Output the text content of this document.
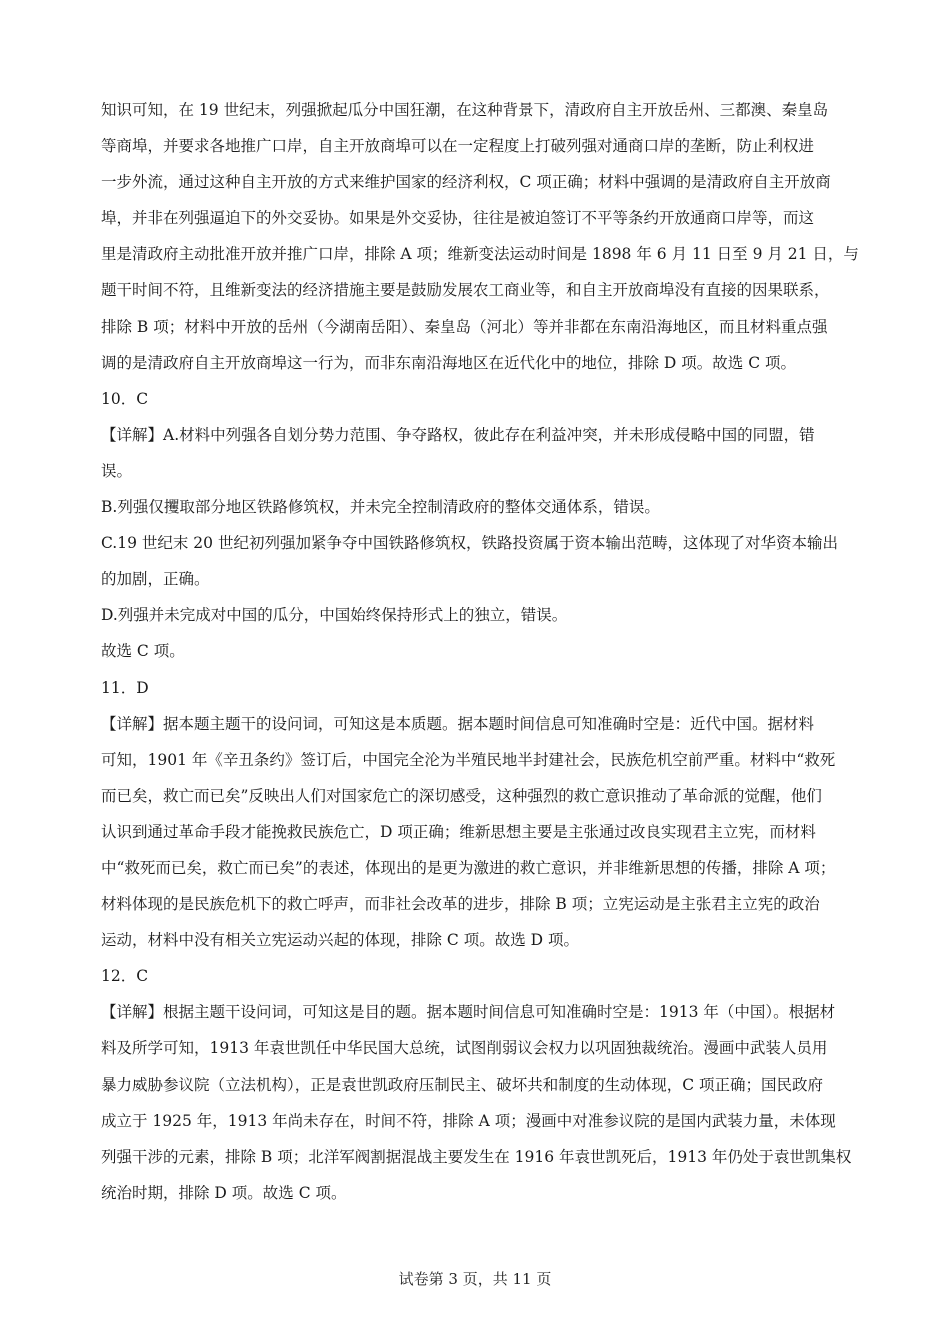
知识可知，在 19 世纪末，列强掀起瓜分中国狂潮，在这种背景下，清政府自主开放岳州、三都澳、秦皇岛
等商埠，并要求各地推广口岸，自主开放商埠可以在一定程度上打破列强对通商口岸的垄断，防止利权进
一步外流，通过这种自主开放的方式来维护国家的经济利权，C 项正确；材料中强调的是清政府自主开放商
埠，并非在列强逼迫下的外交妥协。如果是外交妥协，往往是被迫签订不平等条约开放通商口岸等，而这
里是清政府主动批准开放并推广口岸，排除 A 项；维新变法运动时间是 1898 年 6 月 11 日至 9 月 21 日，与
题干时间不符，且维新变法的经济措施主要是鼓励发展农工商业等，和自主开放商埠没有直接的因果联系，
排除 B 项；材料中开放的岳州（今湖南岳阳）、秦皇岛（河北）等并非都在东南沿海地区，而且材料重点强
调的是清政府自主开放商埠这一行为，而非东南沿海地区在近代化中的地位，排除 D 项。故选 C 项。
10．C
【详解】A.材料中列强各自划分势力范围、争夺路权，彼此存在利益冲突，并未形成侵略中国的同盟，错
误。
B.列强仅攫取部分地区铁路修筑权，并未完全控制清政府的整体交通体系，错误。
C.19 世纪末 20 世纪初列强加紧争夺中国铁路修筑权，铁路投资属于资本输出范畴，这体现了对华资本输出
的加剧，正确。
D.列强并未完成对中国的瓜分，中国始终保持形式上的独立，错误。
故选 C 项。
11．D
【详解】据本题主题干的设问词，可知这是本质题。据本题时间信息可知准确时空是：近代中国。据材料
可知，1901 年《辛丑条约》签订后，中国完全沦为半殖民地半封建社会，民族危机空前严重。材料中“救死
而已矣，救亡而已矣”反映出人们对国家危亡的深切感受，这种强烈的救亡意识推动了革命派的觉醒，他们
认识到通过革命手段才能挽救民族危亡，D 项正确；维新思想主要是主张通过改良实现君主立宪，而材料
中“救死而已矣，救亡而已矣”的表述，体现出的是更为激进的救亡意识，并非维新思想的传播，排除 A 项；
材料体现的是民族危机下的救亡呼声，而非社会改革的进步，排除 B 项；立宪运动是主张君主立宪的政治
运动，材料中没有相关立宪运动兴起的体现，排除 C 项。故选 D 项。
12．C
【详解】根据主题干设问词，可知这是目的题。据本题时间信息可知准确时空是：1913 年（中国）。根据材
料及所学可知，1913 年袁世凯任中华民国大总统，试图削弱议会权力以巩固独裁统治。漫画中武装人员用
暴力威胁参议院（立法机构），正是袁世凯政府压制民主、破坏共和制度的生动体现，C 项正确；国民政府
成立于 1925 年，1913 年尚未存在，时间不符，排除 A 项；漫画中对准参议院的是国内武装力量，未体现
列强干涉的元素，排除 B 项；北洋军阀割据混战主要发生在 1916 年袁世凯死后，1913 年仍处于袁世凯集权
统治时期，排除 D 项。故选 C 项。
试卷第 3 页，共 11 页
